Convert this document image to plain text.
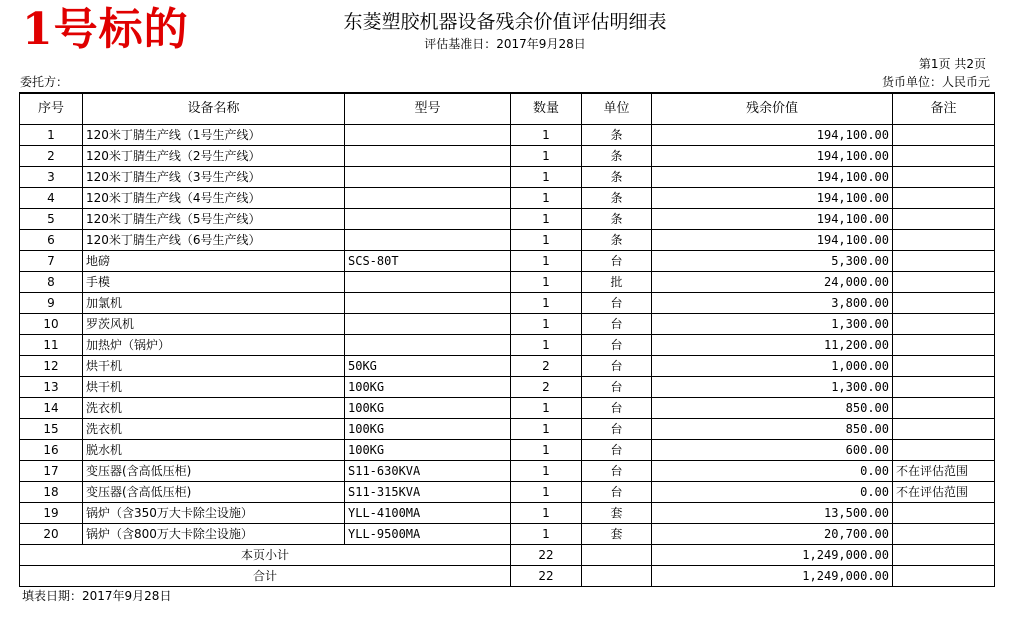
1号标的	东菱塑胶机器设备残余价值评估明细表
评估基准日：2017年9月28日
第1页 共2页
委托方：	货币单位：人民币元
序号	设备名称	型号	数量	单位	残余价值	备注
1	120米丁腈生产线（1号生产线）		1	条	194,100.00	
2	120米丁腈生产线（2号生产线）		1	条	194,100.00	
3	120米丁腈生产线（3号生产线）		1	条	194,100.00	
4	120米丁腈生产线（4号生产线）		1	条	194,100.00	
5	120米丁腈生产线（5号生产线）		1	条	194,100.00	
6	120米丁腈生产线（6号生产线）		1	条	194,100.00	
7	地磅	SCS-80T	1	台	5,300.00	
8	手模		1	批	24,000.00	
9	加氯机		1	台	3,800.00	
10	罗茨风机		1	台	1,300.00	
11	加热炉（锅炉）		1	台	11,200.00	
12	烘干机	50KG	2	台	1,000.00	
13	烘干机	100KG	2	台	1,300.00	
14	洗衣机	100KG	1	台	850.00	
15	洗衣机	100KG	1	台	850.00	
16	脱水机	100KG	1	台	600.00	
17	变压器(含高低压柜)	S11-630KVA	1	台	0.00	不在评估范围
18	变压器(含高低压柜)	S11-315KVA	1	台	0.00	不在评估范围
19	锅炉（含350万大卡除尘设施）	YLL-4100MA	1	套	13,500.00	
20	锅炉（含800万大卡除尘设施）	YLL-9500MA	1	套	20,700.00	
本页小计			22		1,249,000.00	
合计			22		1,249,000.00	
填表日期：2017年9月28日
